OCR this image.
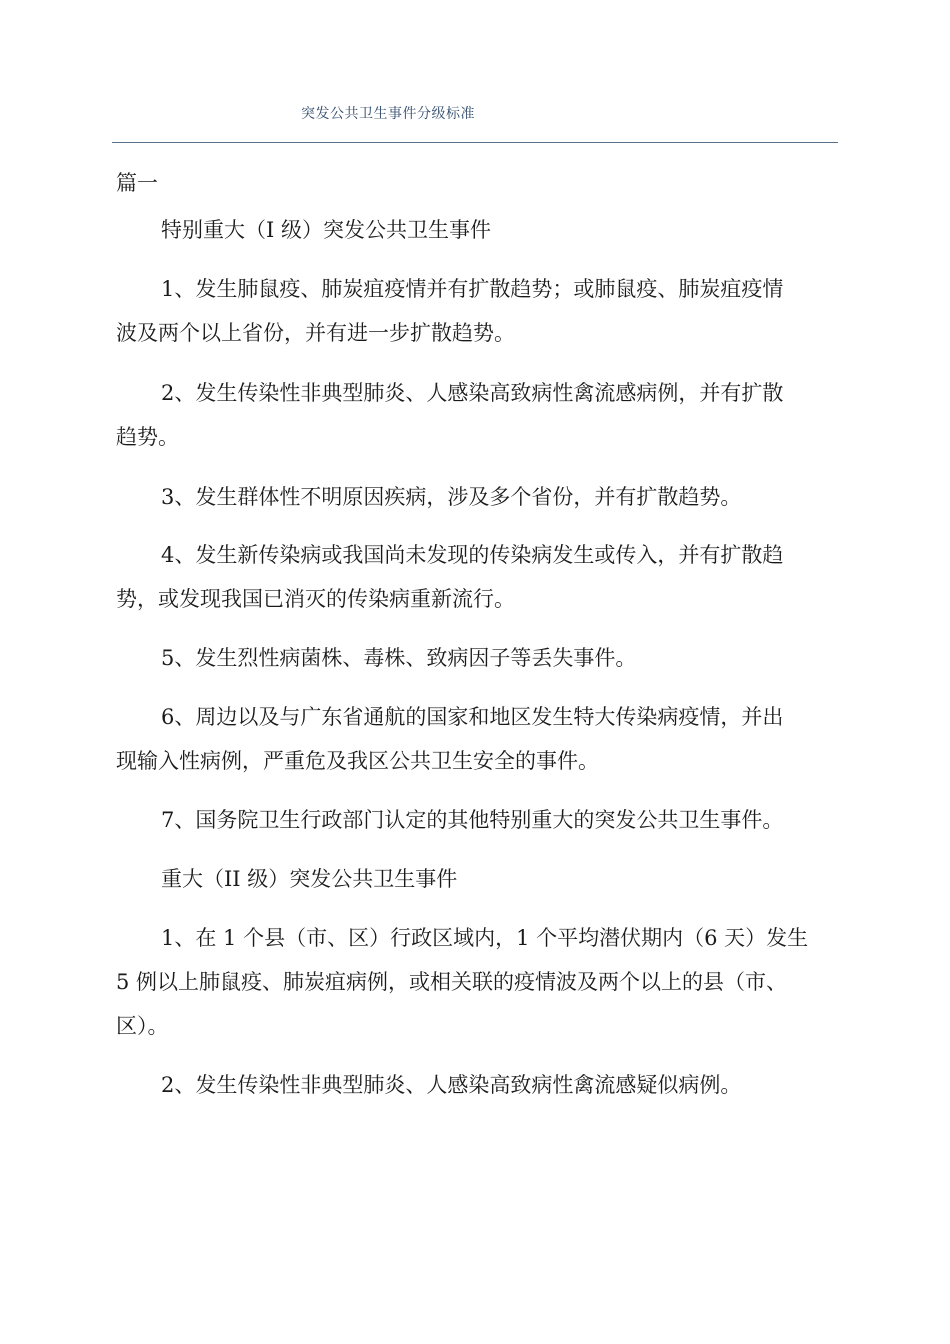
突发公共卫生事件分级标准
篇一
特别重大（I 级）突发公共卫生事件
1、发生肺鼠疫、肺炭疽疫情并有扩散趋势；或肺鼠疫、肺炭疽疫情
波及两个以上省份，并有进一步扩散趋势。
2、发生传染性非典型肺炎、人感染高致病性禽流感病例，并有扩散
趋势。
3、发生群体性不明原因疾病，涉及多个省份，并有扩散趋势。
4、发生新传染病或我国尚未发现的传染病发生或传入，并有扩散趋
势，或发现我国已消灭的传染病重新流行。
5、发生烈性病菌株、毒株、致病因子等丢失事件。
6、周边以及与广东省通航的国家和地区发生特大传染病疫情，并出
现输入性病例，严重危及我区公共卫生安全的事件。
7、国务院卫生行政部门认定的其他特别重大的突发公共卫生事件。
重大（II 级）突发公共卫生事件
1、在 1 个县（市、区）行政区域内，1 个平均潜伏期内（6 天）发生
5 例以上肺鼠疫、肺炭疽病例，或相关联的疫情波及两个以上的县（市、
区）。
2、发生传染性非典型肺炎、人感染高致病性禽流感疑似病例。
